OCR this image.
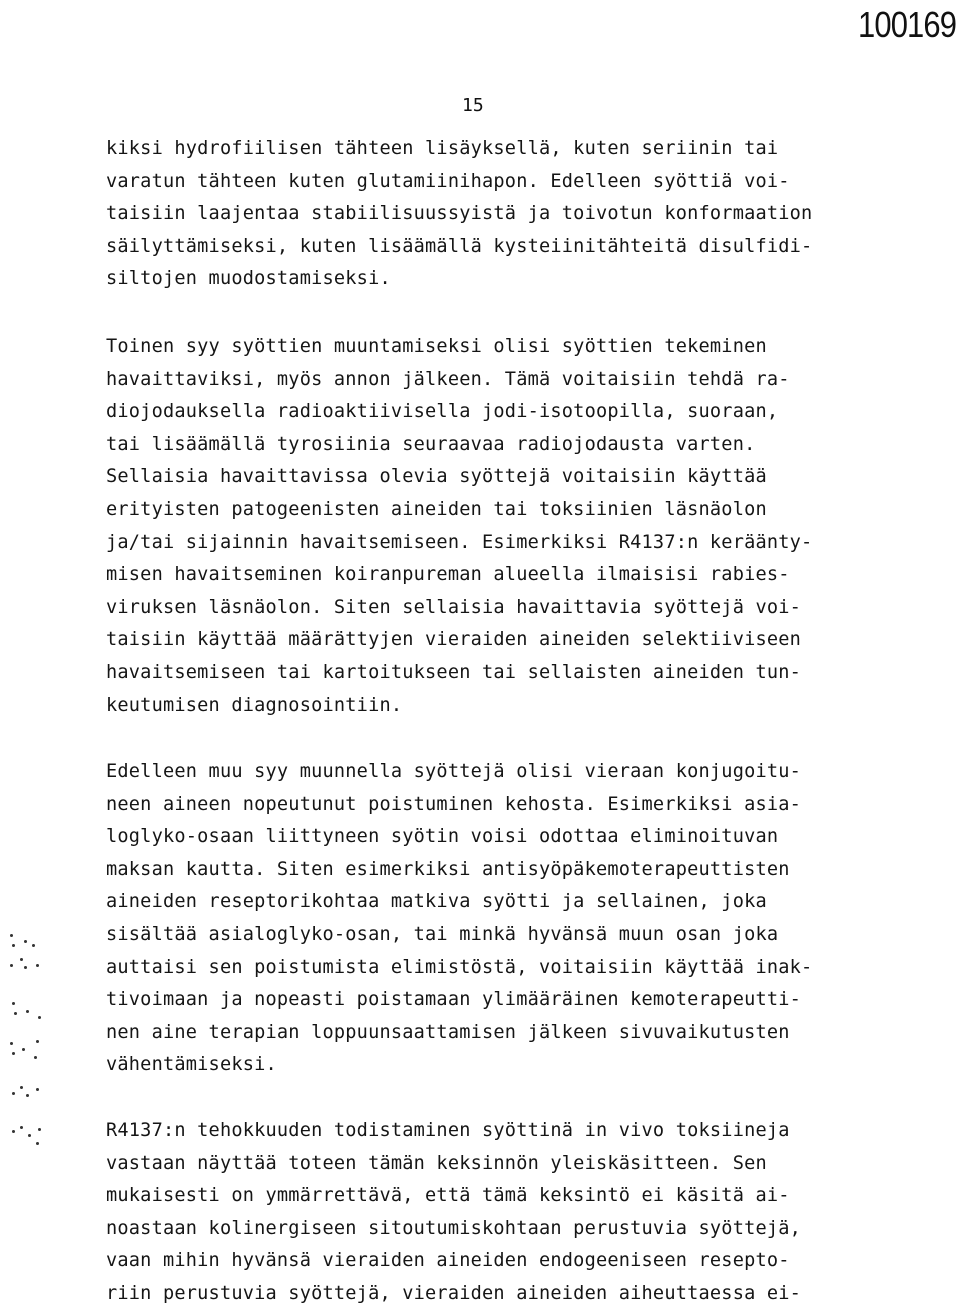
100169
15
kiksi hydrofiilisen tähteen lisäyksellä, kuten seriinin tai
varatun tähteen kuten glutamiinihapon. Edelleen syöttiä voi-
taisiin laajentaa stabiilisuussyistä ja toivotun konformaation
säilyttämiseksi, kuten lisäämällä kysteiinitähteitä disulfidi-
siltojen muodostamiseksi.
Toinen syy syöttien muuntamiseksi olisi syöttien tekeminen
havaittaviksi, myös annon jälkeen. Tämä voitaisiin tehdä ra-
diojodauksella radioaktiivisella jodi-isotoopilla, suoraan,
tai lisäämällä tyrosiinia seuraavaa radiojodausta varten.
Sellaisia havaittavissa olevia syöttejä voitaisiin käyttää
erityisten patogeenisten aineiden tai toksiinien läsnäolon
ja/tai sijainnin havaitsemiseen. Esimerkiksi R4137:n kerääntу-
misen havaitseminen koiranpureman alueella ilmaisisi rabies-
viruksen läsnäolon. Siten sellaisia havaittavia syöttejä voi-
taisiin käyttää määrättyjen vieraiden aineiden selektiiviseen
havaitsemiseen tai kartoitukseen tai sellaisten aineiden tun-
keutumisen diagnosointiin.
Edelleen muu syy muunnella syöttejä olisi vieraan konjugoitu-
neen aineen nopeutunut poistuminen kehosta. Esimerkiksi asia-
loglyko-osaan liittyneen syötin voisi odottaa eliminoituvan
maksan kautta. Siten esimerkiksi antisyöpäkemoterapeuttisten
aineiden reseptorikohtaa matkiva syötti ja sellainen, joka
sisältää asialoglyko-osan, tai minkä hyvänsä muun osan joka
auttaisi sen poistumista elimistöstä, voitaisiin käyttää inak-
tivoimaan ja nopeasti poistamaan ylimääräinen kemoterapeutti-
nen aine terapian loppuunsaattamisen jälkeen sivuvaikutusten
vähentämiseksi.
R4137:n tehokkuuden todistaminen syöttinä in vivo toksiineja
vastaan näyttää toteen tämän keksinnön yleiskäsitteen. Sen
mukaisesti on ymmärrettävä, että tämä keksintö ei käsitä ai-
noastaan kolinergiseen sitoutumiskohtaan perustuvia syöttejä,
vaan mihin hyvänsä vieraiden aineiden endogeeniseen resepto-
riin perustuvia syöttejä, vieraiden aineiden aiheuttaessa ei-
